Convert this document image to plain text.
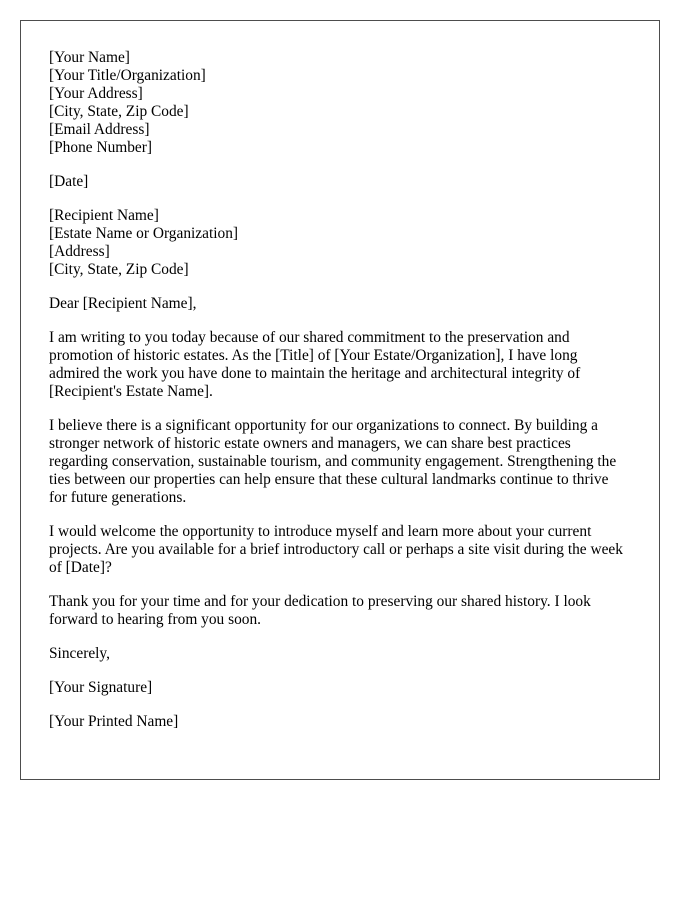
[Your Name]
[Your Title/Organization]
[Your Address]
[City, State, Zip Code]
[Email Address]
[Phone Number]
[Date]
[Recipient Name]
[Estate Name or Organization]
[Address]
[City, State, Zip Code]
Dear [Recipient Name],

I am writing to you today because of our shared commitment to the preservation and promotion of historic estates. As the [Title] of [Your Estate/Organization], I have long admired the work you have done to maintain the heritage and architectural integrity of [Recipient's Estate Name].

I believe there is a significant opportunity for our organizations to connect. By building a stronger network of historic estate owners and managers, we can share best practices regarding conservation, sustainable tourism, and community engagement. Strengthening the ties between our properties can help ensure that these cultural landmarks continue to thrive for future generations.

I would welcome the opportunity to introduce myself and learn more about your current projects. Are you available for a brief introductory call or perhaps a site visit during the week of [Date]?

Thank you for your time and for your dedication to preserving our shared history. I look forward to hearing from you soon.

Sincerely,
[Your Signature]
[Your Printed Name]
